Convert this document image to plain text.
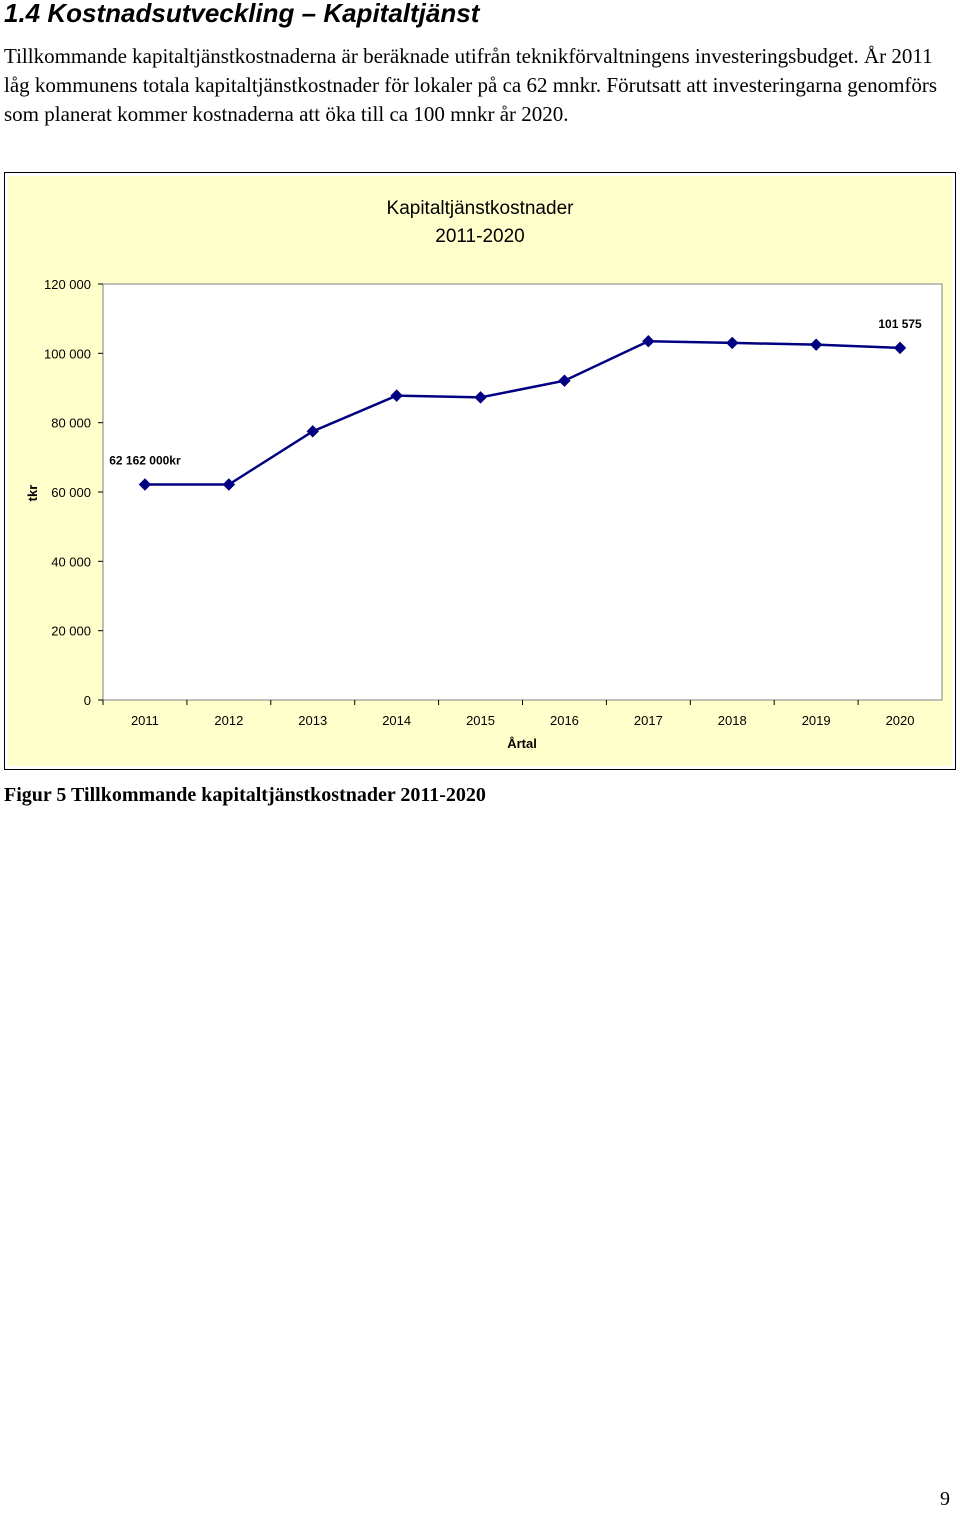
1.4 Kostnadsutveckling – Kapitaltjänst
Tillkommande kapitaltjänstkostnaderna är beräknade utifrån teknikförvaltningens investeringsbudget. År 2011 låg kommunens totala kapitaltjänstkostnader för lokaler på ca 62 mnkr. Förutsatt att investeringarna genomförs som planerat kommer kostnaderna att öka till ca 100 mnkr år 2020.
Kapitaltjänstkostnader
2011-2020
0
20 000
40 000
60 000
80 000
100 000
120 000
2011	2012	2013	2014	2015	2016	2017	2018	2019	2020
62 162 000kr
101 575
Årtal
tkr
Figur 5 Tillkommande kapitaltjänstkostnader 2011-2020
9
